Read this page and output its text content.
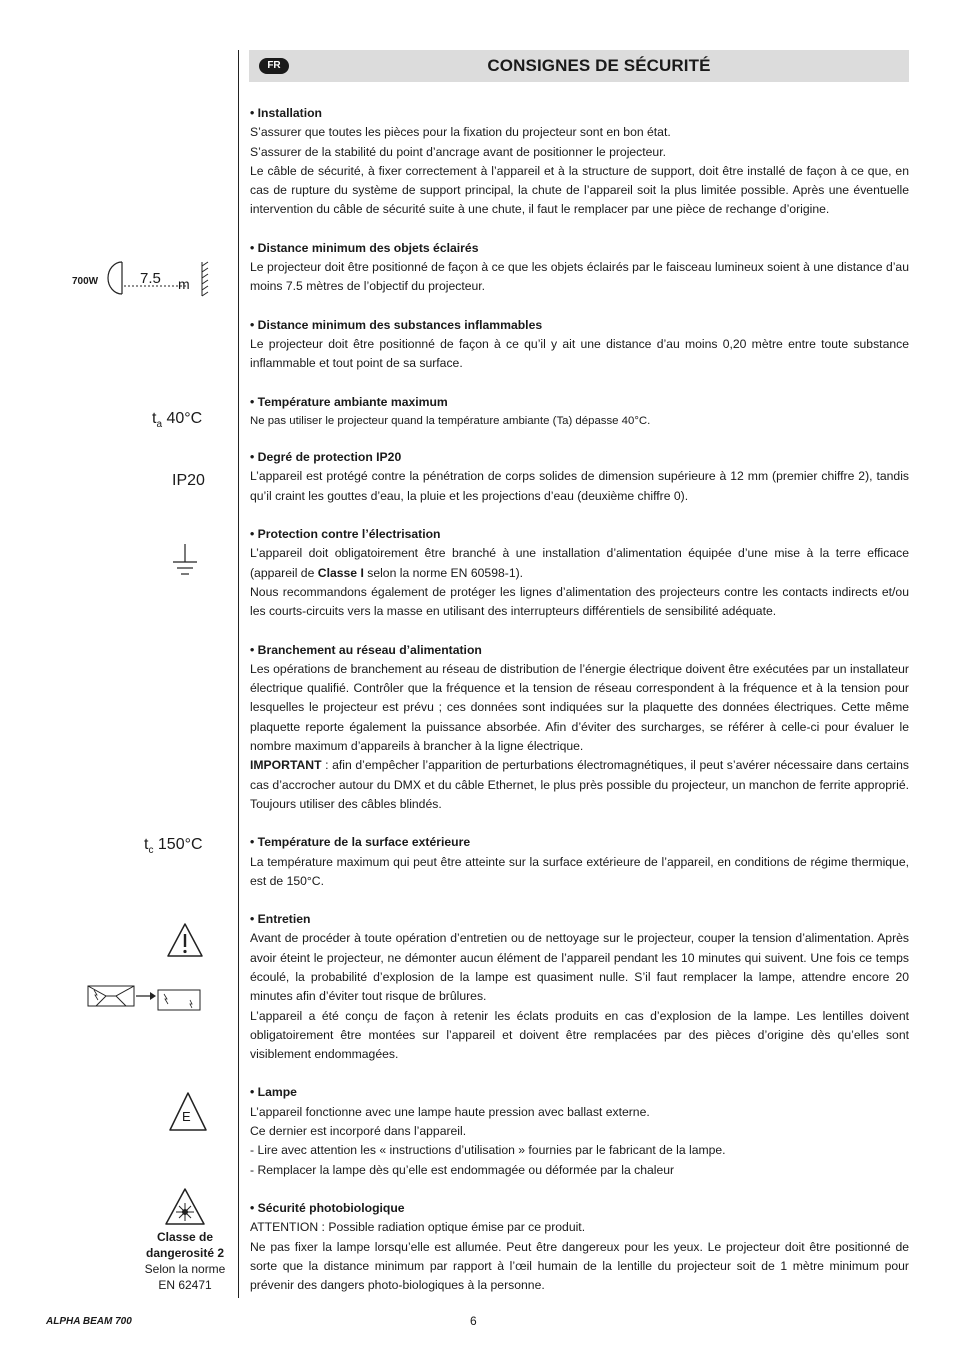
FR	CONSIGNES DE SÉCURITÉ
700W	7.5 m
$t_a$ 40°C
IP20
$t_c$ 150°C
E
Classe de
dangerosité 2
Selon la norme
EN 62471
• Installation

S’assurer que toutes les pièces pour la fixation du projecteur sont en bon état.

S’assurer de la stabilité du point d’ancrage avant de positionner le projecteur.

Le câble de sécurité, à fixer correctement à l’appareil et à la structure de support, doit être installé de façon à ce que, en cas de rupture du système de support principal, la chute de l’appareil soit la plus limitée possible. Après une éventuelle intervention du câble de sécurité suite à une chute, il faut le remplacer par une pièce de rechange d’origine.

• Distance minimum des objets éclairés

Le projecteur doit être positionné de façon à ce que les objets éclairés par le faisceau lumineux soient à une distance d’au moins 7.5 mètres de l’objectif du projecteur.

• Distance minimum des substances inflammables

Le projecteur doit être positionné de façon à ce qu’il y ait une distance d’au moins 0,20 mètre entre toute substance inflammable et tout point de sa surface.

• Température ambiante maximum

Ne pas utiliser le projecteur quand la température ambiante (Ta) dépasse 40°C.

• Degré de protection IP20

L’appareil est protégé contre la pénétration de corps solides de dimension supérieure à 12 mm (premier chiffre 2), tandis qu’il craint les gouttes d’eau, la pluie et les projections d’eau (deuxième chiffre 0).

• Protection contre l’électrisation

L’appareil doit obligatoirement être branché à une installation d’alimentation équipée d’une mise à la terre efficace (appareil de Classe I selon la norme EN 60598-1).

Nous recommandons également de protéger les lignes d’alimentation des projecteurs contre les contacts indirects et/ou les courts-circuits vers la masse en utilisant des interrupteurs différentiels de sensibilité adéquate.

• Branchement au réseau d’alimentation

Les opérations de branchement au réseau de distribution de l’énergie électrique doivent être exécutées par un installateur électrique qualifié. Contrôler que la fréquence et la tension de réseau correspondent à la fréquence et à la tension pour lesquelles le projecteur est prévu ; ces données sont indiquées sur la plaquette des données électriques. Cette même plaquette reporte également la puissance absorbée. Afin d’éviter des surcharges, se référer à celle-ci pour évaluer le nombre maximum d’appareils à brancher à la ligne électrique.

IMPORTANT : afin d’empêcher l’apparition de perturbations électromagnétiques, il peut s’avérer nécessaire dans certains cas d’accrocher autour du DMX et du câble Ethernet, le plus près possible du projecteur, un manchon de ferrite approprié. Toujours utiliser des câbles blindés.

• Température de la surface extérieure

La température maximum qui peut être atteinte sur la surface extérieure de l’appareil, en conditions de régime thermique, est de 150°C.

• Entretien

Avant de procéder à toute opération d’entretien ou de nettoyage sur le projecteur, couper la tension d’alimentation. Après avoir éteint le projecteur, ne démonter aucun élément de l’appareil pendant les 10 minutes qui suivent. Une fois ce temps écoulé, la probabilité d’explosion de la lampe est quasiment nulle. S’il faut remplacer la lampe, attendre encore 20 minutes afin d’éviter tout risque de brûlures.

L’appareil a été conçu de façon à retenir les éclats produits en cas d’explosion de la lampe. Les lentilles doivent obligatoirement être montées sur l’appareil et doivent être remplacées par des pièces d’origine dès qu’elles sont visiblement endommagées.

• Lampe

L’appareil fonctionne avec une lampe haute pression avec ballast externe.

Ce dernier est incorporé dans l’appareil.

- Lire avec attention les « instructions d’utilisation » fournies par le fabricant de la lampe.

- Remplacer la lampe dès qu’elle est endommagée ou déformée par la chaleur

• Sécurité photobiologique

ATTENTION : Possible radiation optique émise par ce produit.

Ne pas fixer la lampe lorsqu’elle est allumée. Peut être dangereux pour les yeux. Le projecteur doit être positionné de sorte que la distance minimum par rapport à l’œil humain de la lentille du projecteur soit de 1 mètre minimum pour prévenir des dangers photo-biologiques à la personne.

ALPHA BEAM 700	6
